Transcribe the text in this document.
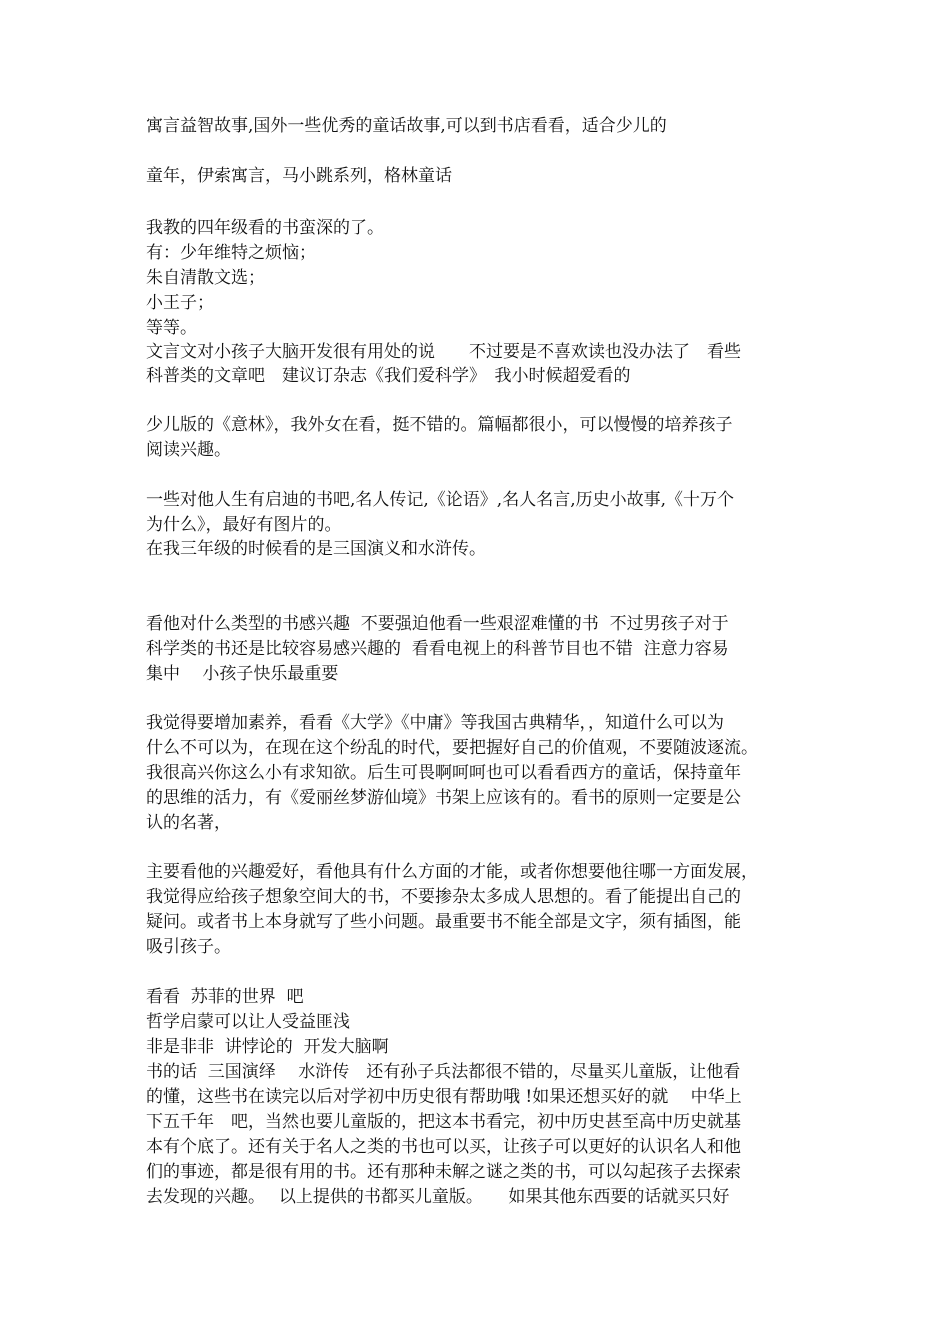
寓言益智故事,国外一些优秀的童话故事,可以到书店看看，适合少儿的

童年，伊索寓言，马小跳系列，格林童话

我教的四年级看的书蛮深的了。

有：少年维特之烦恼；

朱自清散文选；

小王子；

等等。

文言文对小孩子大脑开发很有用处的说　　不过要是不喜欢读也没办法了　看些

科普类的文章吧　建议订杂志《我们爱科学》　我小时候超爱看的

少儿版的《意林》，我外女在看，挺不错的。篇幅都很小，可以慢慢的培养孩子

阅读兴趣。

一些对他人生有启迪的书吧,名人传记,《论语》,名人名言,历史小故事,《十万个

为什么》，最好有图片的。

在我三年级的时候看的是三国演义和水浒传。

看他对什么类型的书感兴趣  不要强迫他看一些艰涩难懂的书  不过男孩子对于

科学类的书还是比较容易感兴趣的  看看电视上的科普节目也不错  注意力容易

集中　 小孩子快乐最重要

我觉得要增加素养，看看《大学》《中庸》等我国古典精华，，知道什么可以为

什么不可以为，在现在这个纷乱的时代，要把握好自己的价值观，不要随波逐流。

我很高兴你这么小有求知欲。后生可畏啊呵呵也可以看看西方的童话，保持童年

的思维的活力，有《爱丽丝梦游仙境》书架上应该有的。看书的原则一定要是公

认的名著，

主要看他的兴趣爱好，看他具有什么方面的才能，或者你想要他往哪一方面发展，

我觉得应给孩子想象空间大的书，不要掺杂太多成人思想的。看了能提出自己的

疑问。或者书上本身就写了些小问题。最重要书不能全部是文字，须有插图，能

吸引孩子。

看看  苏菲的世界  吧

哲学启蒙可以让人受益匪浅

非是非非  讲悖论的  开发大脑啊

书的话  三国演绎　 水浒传　还有孙子兵法都很不错的，尽量买儿童版，让他看

的懂，这些书在读完以后对学初中历史很有帮助哦 !如果还想买好的就　 中华上

下五千年　吧，当然也要儿童版的，把这本书看完，初中历史甚至高中历史就基

本有个底了。还有关于名人之类的书也可以买，让孩子可以更好的认识名人和他

们的事迹，都是很有用的书。还有那种未解之谜之类的书，可以勾起孩子去探索

去发现的兴趣。　 以上提供的书都买儿童版。　　如果其他东西要的话就买只好
